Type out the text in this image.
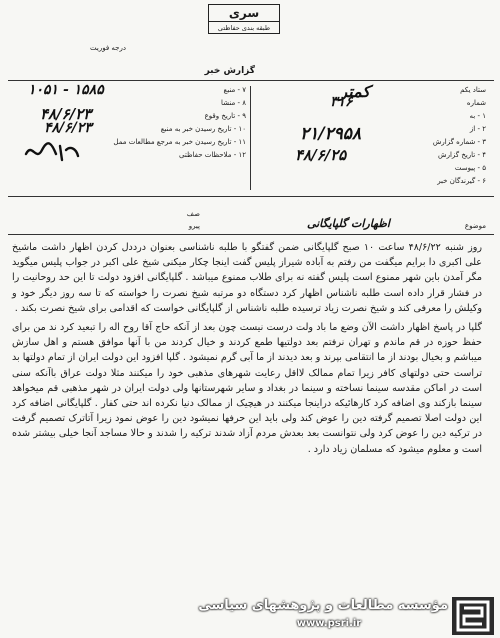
سری
طبقه بندی حفاظتی
درجه فوریت
گزارش خبر
ستاد یکم
شماره
۱ - به
۲ - از
۳ - شماره گزارش
۴ - تاریخ گزارش
۵ - پیوست
۶ - گیرندگان خبر
۳۱۶
کمتر
۲۱/۲۹۵۸
۴۸/۶/۲۵
۷ - منبع
۸ - منشا
۹ - تاریخ وقوع
۱۰ - تاریخ رسیدن خبر به منبع
۱۱ - تاریخ رسیدن خبر به مرجع مطالعات ممل
۱۲ - ملاحظات حفاظتی
۱۰۵۱ - ۱۵۸۵
۴۸/۶/۲۳
۴۸/۶/۲۳
موضوع
اظهارات گلپایگانی
صف
پیرو

روز شنبه ۴۸/۶/۲۲ ساعت ۱۰ صبح گلپایگانی ضمن گفتگو با طلبه ناشناسی بعنوان درددل کردن اظهار داشت ماشیخ علی اکبری دا برایم میگفت من رفتم به آباده شیراز پلیس گفت اینجا چکار میکنی شیخ علی اکبر در جواب پلیس میگوید مگر آمدن باین شهر ممنوع است پلیس گفته نه برای طلاب ممنوع میباشد . گلپایگانی افزود دولت تا این حد روحانیت را در فشار قرار داده است طلبه ناشناس اظهار کرد دستگاه دو مرتبه شیخ نصرت را خواسته که تا سه روز دیگر خود و وکیلش را معرفی کند و شیخ نصرت زیاد ترسیده طلبه ناشناس از گلپایگانی خواست که اقدامی برای شیخ نصرت بکند .

گلپا در پاسخ اظهار داشت الآن وضع ما باد ولت درست نیست چون بعد از آنکه حاج آقا روح اله را تبعید کرد ند من برای حفظ حوزه در قم ماندم و تهران نرفتم بعد دولتیها طمع کردند و خیال کردند من با آنها موافق هستم و اهل سازش میباشم و بخیال بودند از ما انتقامی بپرند و بعد دیدند از ما آبی گرم نمیشود . گلپا افزود این دولت ایران از تمام دولتها بد تراست حتی دولتهای کافر زیرا تمام ممالک لااقل رعایت شهرهای مذهبی خود را میکنند مثلا دولت عراق باآنکه سنی است در اماکن مقدسه سینما نساخته و سینما در بغداد و سایر شهرستانها ولی دولت ایران در شهر مذهبی قم میخواهد سینما بازکند وی اضافه کرد کارهائیکه دراینجا میکنند در هیچیک از ممالک دنیا نکرده اند حتی کفار . گلپایگانی اضافه کرد این دولت اصلا تصمیم گرفته دین را عوض کند ولی باید این حرفها نمیشود دین را عوض نمود زیرا آتاترک تصمیم گرفت در ترکیه دین را عوض کرد ولی نتوانست بعد بعدش مردم آزاد شدند ترکیه را شدند و حالا مساجد آنجا خیلی بیشتر شده است و معلوم میشود که مسلمان زیاد دارد .

مؤسسه مطالعات و پژوهشهای سیاسی
www.psri.ir
